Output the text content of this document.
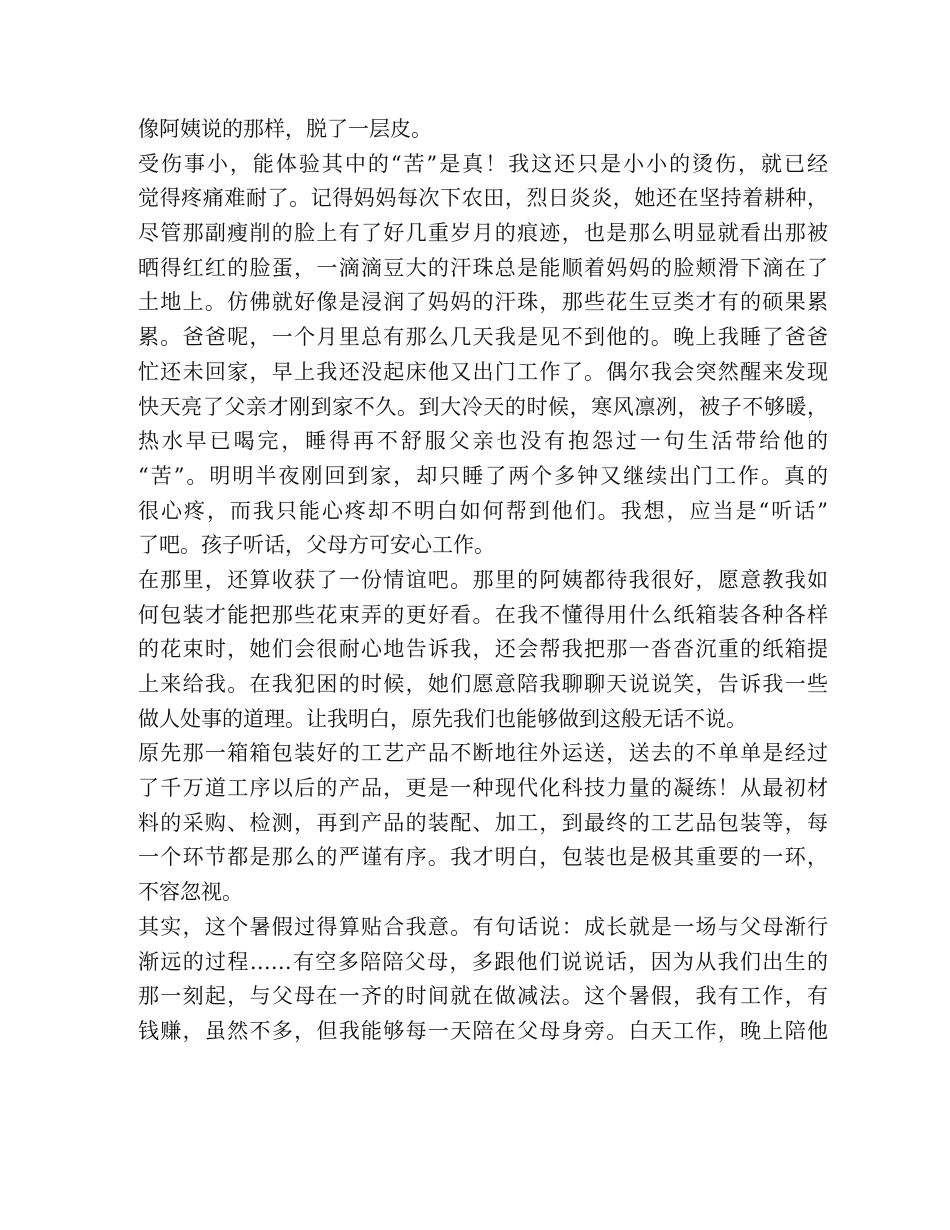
像阿姨说的那样，脱了一层皮。
受伤事小，能体验其中的“苦”是真！我这还只是小小的烫伤，就已经
觉得疼痛难耐了。记得妈妈每次下农田，烈日炎炎，她还在坚持着耕种，
尽管那副瘦削的脸上有了好几重岁月的痕迹，也是那么明显就看出那被
晒得红红的脸蛋，一滴滴豆大的汗珠总是能顺着妈妈的脸颊滑下滴在了
土地上。仿佛就好像是浸润了妈妈的汗珠，那些花生豆类才有的硕果累
累。爸爸呢，一个月里总有那么几天我是见不到他的。晚上我睡了爸爸
忙还未回家，早上我还没起床他又出门工作了。偶尔我会突然醒来发现
快天亮了父亲才刚到家不久。到大冷天的时候，寒风凛冽，被子不够暖，
热水早已喝完，睡得再不舒服父亲也没有抱怨过一句生活带给他的
“苦”。明明半夜刚回到家，却只睡了两个多钟又继续出门工作。真的
很心疼，而我只能心疼却不明白如何帮到他们。我想，应当是“听话”
了吧。孩子听话，父母方可安心工作。
在那里，还算收获了一份情谊吧。那里的阿姨都待我很好，愿意教我如
何包装才能把那些花束弄的更好看。在我不懂得用什么纸箱装各种各样
的花束时，她们会很耐心地告诉我，还会帮我把那一沓沓沉重的纸箱提
上来给我。在我犯困的时候，她们愿意陪我聊聊天说说笑，告诉我一些
做人处事的道理。让我明白，原先我们也能够做到这般无话不说。
原先那一箱箱包装好的工艺产品不断地往外运送，送去的不单单是经过
了千万道工序以后的产品，更是一种现代化科技力量的凝练！从最初材
料的采购、检测，再到产品的装配、加工，到最终的工艺品包装等，每
一个环节都是那么的严谨有序。我才明白，包装也是极其重要的一环，
不容忽视。
其实，这个暑假过得算贴合我意。有句话说：成长就是一场与父母渐行
渐远的过程……有空多陪陪父母，多跟他们说说话，因为从我们出生的
那一刻起，与父母在一齐的时间就在做减法。这个暑假，我有工作，有
钱赚，虽然不多，但我能够每一天陪在父母身旁。白天工作，晚上陪他
